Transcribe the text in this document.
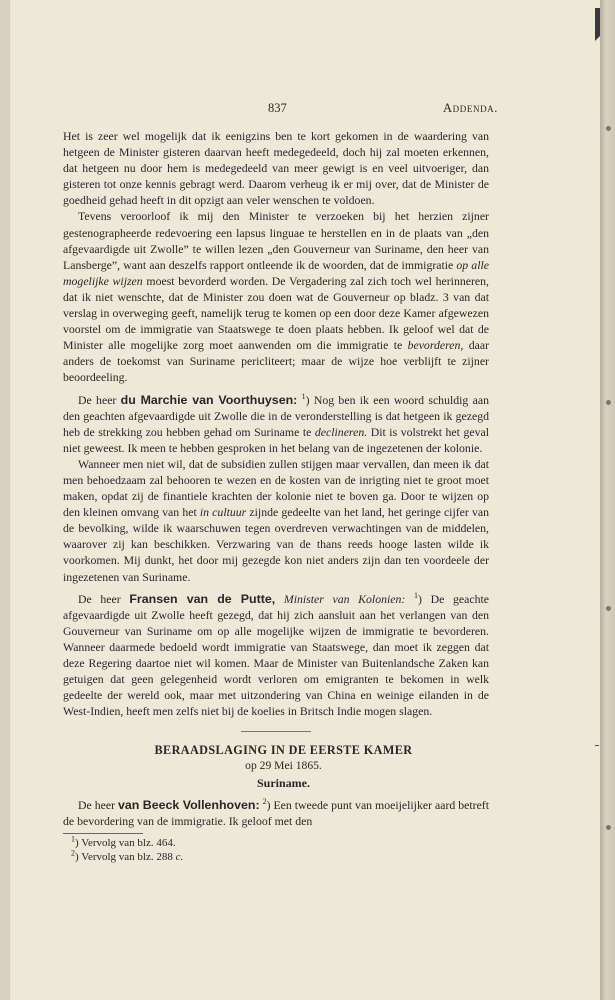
837	Addenda.

Het is zeer wel mogelijk dat ik eenigzins ben te kort gekomen in de waardering van hetgeen de Minister gisteren daarvan heeft medegedeeld, doch hij zal moeten erkennen, dat hetgeen nu door hem is medegedeeld van meer gewigt is en veel uitvoeriger, dan gisteren tot onze kennis gebragt werd. Daarom verheug ik er mij over, dat de Minister de goedheid gehad heeft in dit opzigt aan veler wenschen te voldoen.

Tevens veroorloof ik mij den Minister te verzoeken bij het herzien zijner gestenographeerde redevoering een lapsus linguae te herstellen en in de plaats van „den afgevaardigde uit Zwolle” te willen lezen „den Gouverneur van Suriname, den heer van Lansberge”, want aan deszelfs rapport ontleende ik de woorden, dat de immigratie op alle mogelijke wijzen moest bevorderd worden. De Vergadering zal zich toch wel herinneren, dat ik niet wenschte, dat de Minister zou doen wat de Gouverneur op bladz. 3 van dat verslag in overweging geeft, namelijk terug te komen op een door deze Kamer afgewezen voorstel om de immigratie van Staatswege te doen plaats hebben. Ik geloof wel dat de Minister alle mogelijke zorg moet aanwenden om die immigratie te bevorderen, daar anders de toekomst van Suriname pericliteert; maar de wijze hoe verblijft te zijner beoordeeling.

De heer du Marchie van Voorthuysen: $^1$) Nog ben ik een woord schuldig aan den geachten afgevaardigde uit Zwolle die in de veronderstelling is dat hetgeen ik gezegd heb de strekking zou hebben gehad om Suriname te declineren. Dit is volstrekt het geval niet geweest. Ik meen te hebben gesproken in het belang van de ingezetenen der kolonie.

Wanneer men niet wil, dat de subsidien zullen stijgen maar vervallen, dan meen ik dat men behoedzaam zal behooren te wezen en de kosten van de inrigting niet te groot moet maken, opdat zij de finantiele krachten der kolonie niet te boven ga. Door te wijzen op den kleinen omvang van het in cultuur zijnde gedeelte van het land, het geringe cijfer van de bevolking, wilde ik waarschuwen tegen overdreven verwachtingen van de middelen, waarover zij kan beschikken. Verzwaring van de thans reeds hooge lasten wilde ik voorkomen. Mij dunkt, het door mij gezegde kon niet anders zijn dan ten voordeele der ingezetenen van Suriname.

De heer Fransen van de Putte, Minister van Kolonien: $^1$) De geachte afgevaardigde uit Zwolle heeft gezegd, dat hij zich aansluit aan het verlangen van den Gouverneur van Suriname om op alle mogelijke wijzen de immigratie te bevorderen. Wanneer daarmede bedoeld wordt immigratie van Staatswege, dan moet ik zeggen dat deze Regering daartoe niet wil komen. Maar de Minister van Buitenlandsche Zaken kan getuigen dat geen gelegenheid wordt verloren om emigranten te bekomen in welk gedeelte der wereld ook, maar met uitzondering van China en weinige eilanden in de West-Indien, heeft men zelfs niet bij de koelies in Britsch Indie mogen slagen.

BERAADSLAGING IN DE EERSTE KAMER

op 29 Mei 1865.

Suriname.

De heer van Beeck Vollenhoven: $^2$) Een tweede punt van moeijelijker aard betreft de bevordering van de immigratie. Ik geloof met den

$^1$) Vervolg van blz. 464.

$^2$) Vervolg van blz. 288 c.
